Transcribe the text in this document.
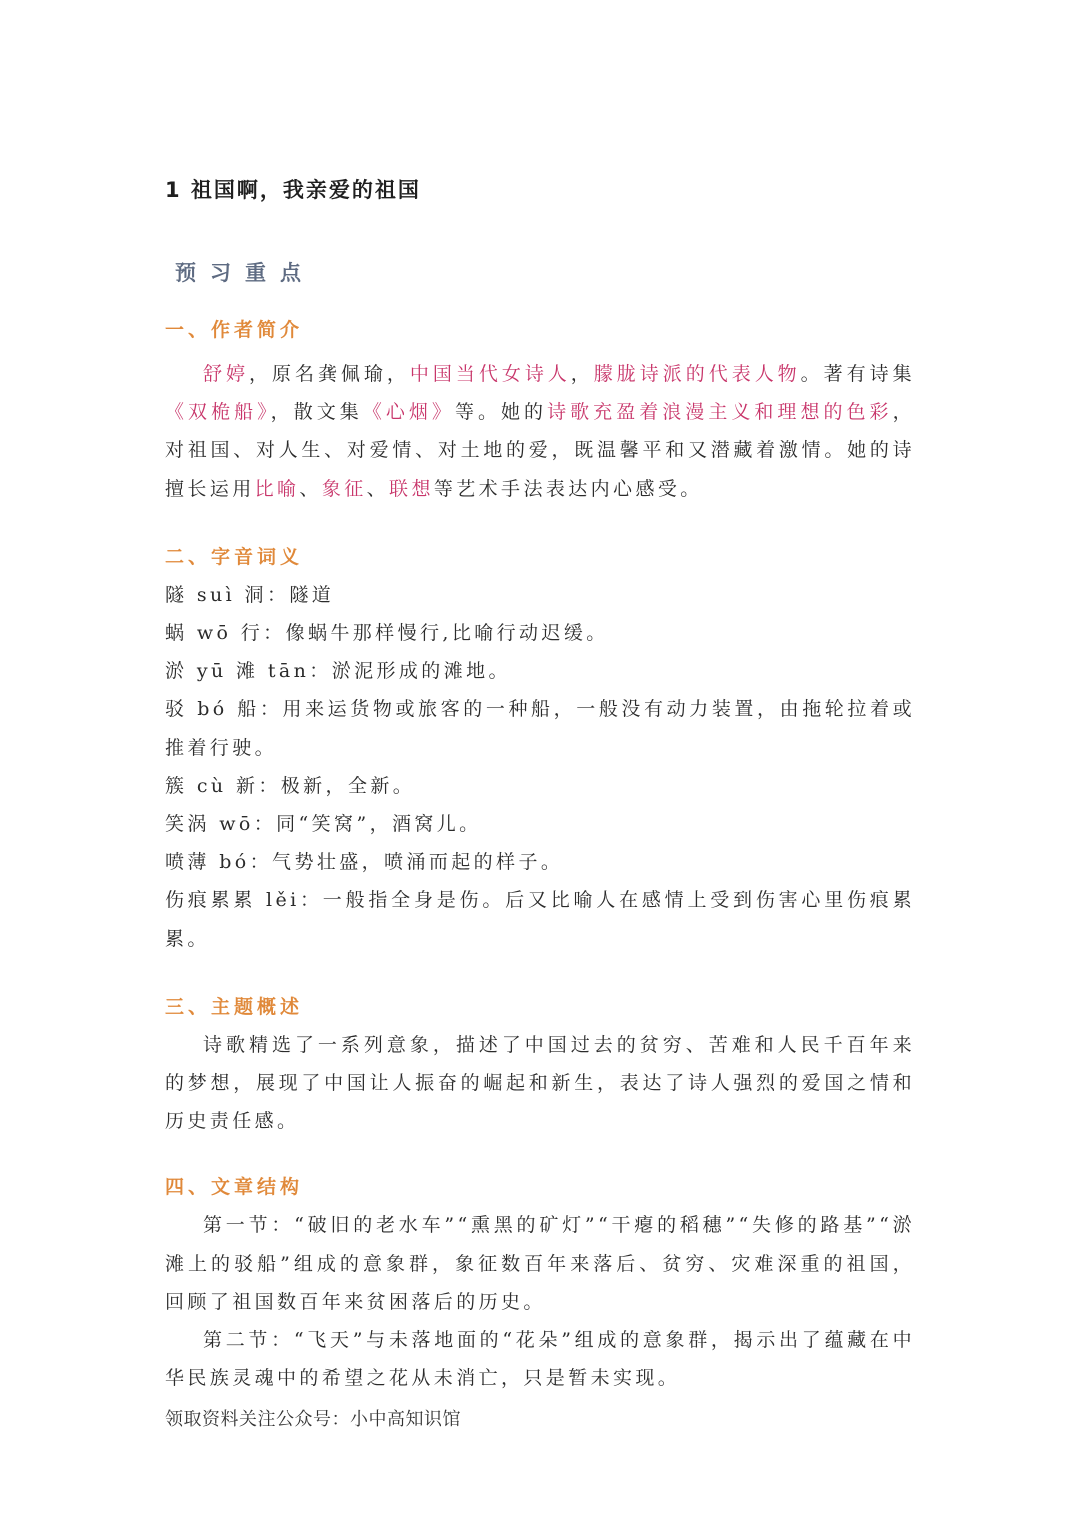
1 祖国啊，我亲爱的祖国
预习重点
一、作者简介

舒婷，原名龚佩瑜，中国当代女诗人，朦胧诗派的代表人物。著有诗集《双桅船》，散文集《心烟》等。她的诗歌充盈着浪漫主义和理想的色彩，对祖国、对人生、对爱情、对土地的爱，既温馨平和又潜藏着激情。她的诗擅长运用比喻、象征、联想等艺术手法表达内心感受。

二、字音词义

隧 suì 洞：隧道

蜗 wō 行：像蜗牛那样慢行,比喻行动迟缓。

淤 yū 滩 tān：淤泥形成的滩地。

驳 bó 船：用来运货物或旅客的一种船，一般没有动力装置，由拖轮拉着或推着行驶。

簇 cù 新：极新，全新。

笑涡 wō：同“笑窝”，酒窝儿。

喷薄 bó：气势壮盛，喷涌而起的样子。

伤痕累累 lěi：一般指全身是伤。后又比喻人在感情上受到伤害心里伤痕累累。

三、主题概述

诗歌精选了一系列意象，描述了中国过去的贫穷、苦难和人民千百年来的梦想，展现了中国让人振奋的崛起和新生，表达了诗人强烈的爱国之情和历史责任感。

四、文章结构

第一节：“破旧的老水车”“熏黑的矿灯”“干瘪的稻穗”“失修的路基”“淤滩上的驳船”组成的意象群，象征数百年来落后、贫穷、灾难深重的祖国，回顾了祖国数百年来贫困落后的历史。

第二节：“飞天”与未落地面的“花朵”组成的意象群，揭示出了蕴藏在中华民族灵魂中的希望之花从未消亡，只是暂未实现。

领取资料关注公众号：小中高知识馆
